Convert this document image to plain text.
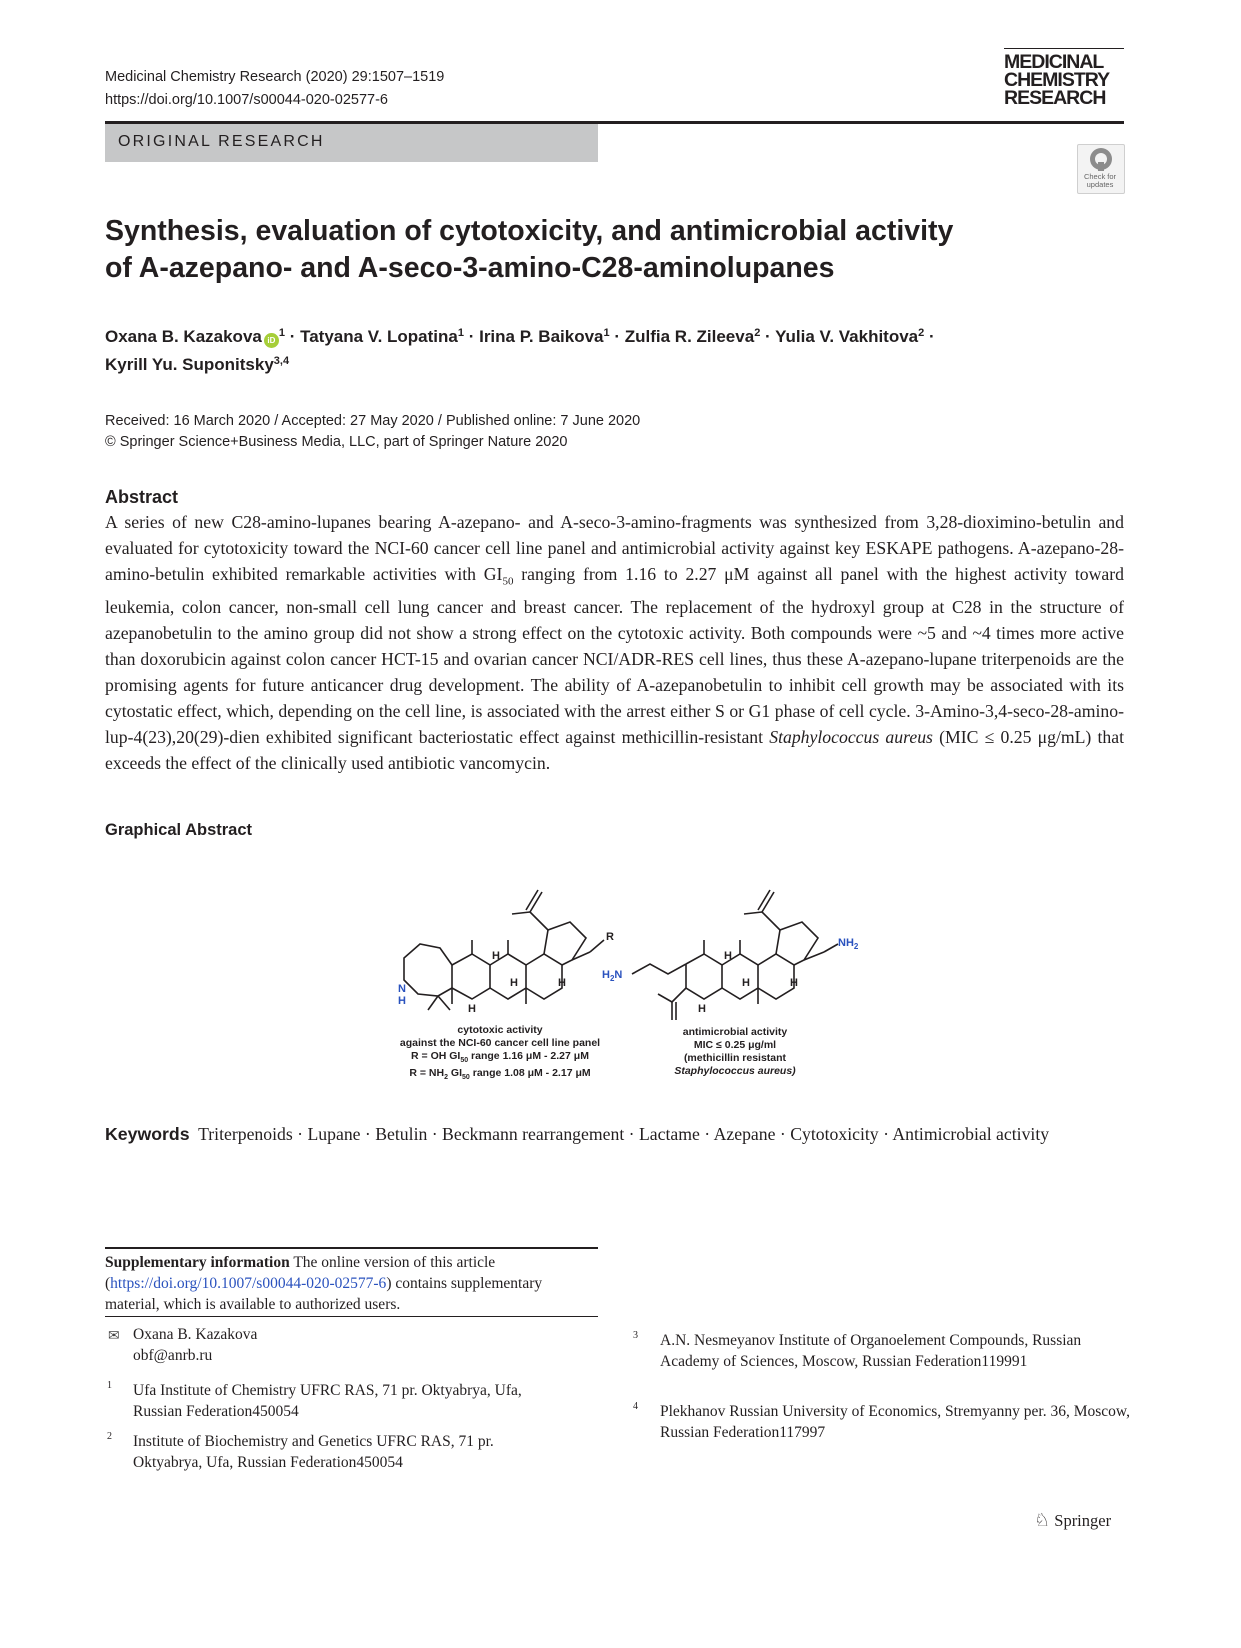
Medicinal Chemistry Research (2020) 29:1507–1519
https://doi.org/10.1007/s00044-020-02577-6
MEDICINAL
CHEMISTRY
RESEARCH
ORIGINAL RESEARCH
Check for updates
Synthesis, evaluation of cytotoxicity, and antimicrobial activity
of A-azepano- and A-seco-3-amino-C28-aminolupanes
Oxana B. Kazakova $iD^1$ · Tatyana V. Lopatina$^1$ · Irina P. Baikova$^1$ · Zulfia R. Zileeva$^2$ · Yulia V. Vakhitova$^2$ ·
Kyrill Yu. Suponitsky$^{3,4}$
Received: 16 March 2020 / Accepted: 27 May 2020 / Published online: 7 June 2020
© Springer Science+Business Media, LLC, part of Springer Nature 2020
Abstract
A series of new C28-amino-lupanes bearing A-azepano- and A-seco-3-amino-fragments was synthesized from 3,28-dioximino-betulin and evaluated for cytotoxicity toward the NCI-60 cancer cell line panel and antimicrobial activity against key ESKAPE pathogens. A-azepano-28-amino-betulin exhibited remarkable activities with $GI_{50}$ ranging from 1.16 to 2.27 μM against all panel with the highest activity toward leukemia, colon cancer, non-small cell lung cancer and breast cancer. The replacement of the hydroxyl group at C28 in the structure of azepanobetulin to the amino group did not show a strong effect on the cytotoxic activity. Both compounds were ~5 and ~4 times more active than doxorubicin against colon cancer HCT-15 and ovarian cancer NCI/ADR-RES cell lines, thus these A-azepano-lupane triterpenoids are the promising agents for future anticancer drug development. The ability of A-azepanobetulin to inhibit cell growth may be associated with its cytostatic effect, which, depending on the cell line, is associated with the arrest either S or G1 phase of cell cycle. 3-Amino-3,4-seco-28-amino-lup-4(23),20(29)-dien exhibited significant bacteriostatic effect against methicillin-resistant Staphylococcus aureus (MIC ≤ 0.25 μg/mL) that exceeds the effect of the clinically used antibiotic vancomycin.
Graphical Abstract
R
H
H	H
H
N
H
H
H	H
H
$NH_2$
$H_2N$
cytotoxic activity
against the NCI-60 cancer cell line panel
R = OH $GI_{50}$ range 1.16 μM - 2.27 μM
$R = NH_2$ $GI_{50}$ range 1.08 μM - 2.17 μM
antimicrobial activity
MIC ≤ 0.25 μg/ml
(methicillin resistant
Staphylococcus aureus)
Keywords Triterpenoids · Lupane · Betulin · Beckmann rearrangement · Lactame · Azepane · Cytotoxicity · Antimicrobial activity
Supplementary information The online version of this article (https://doi.org/10.1007/s00044-020-02577-6) contains supplementary material, which is available to authorized users.
✉ Oxana B. Kazakova
obf@anrb.ru
1 Ufa Institute of Chemistry UFRC RAS, 71 pr. Oktyabrya, Ufa, Russian Federation450054
2 Institute of Biochemistry and Genetics UFRC RAS, 71 pr. Oktyabrya, Ufa, Russian Federation450054
3 A.N. Nesmeyanov Institute of Organoelement Compounds, Russian Academy of Sciences, Moscow, Russian Federation119991
4 Plekhanov Russian University of Economics, Stremyanny per. 36, Moscow, Russian Federation117997
♘ Springer
